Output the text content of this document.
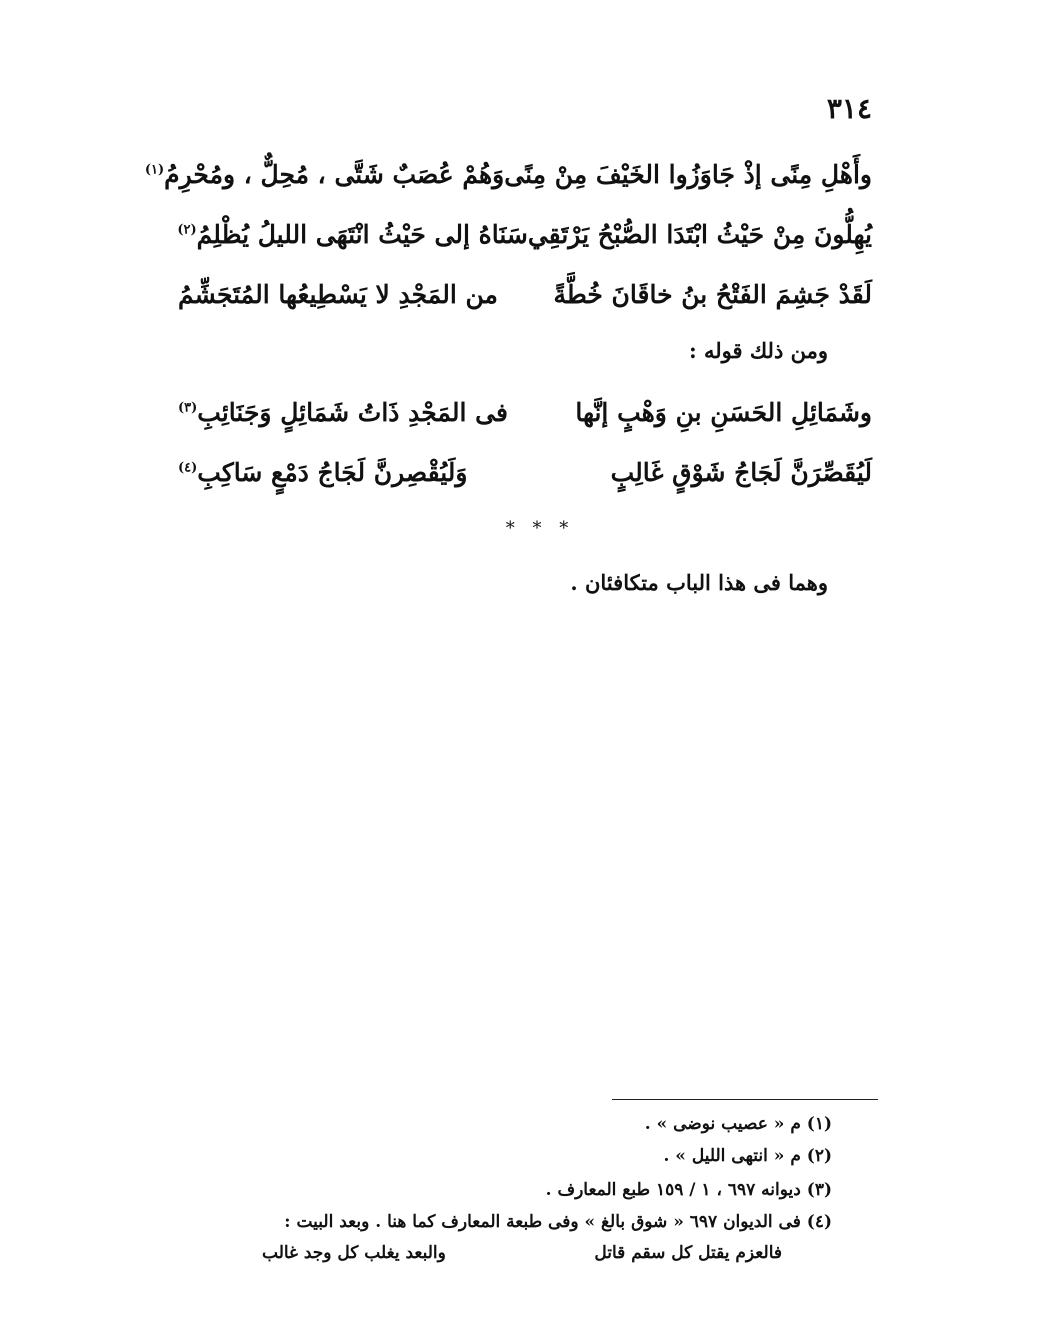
٣١٤
وأَهْلِ مِنًى إذْ جَاوَزُوا الخَيْفَ مِنْ مِنًى
وَهُمْ عُصَبٌ شَتَّى ، مُحِلٌّ ، ومُحْرِمُ$^{(١)}$
يُهِلُّونَ مِنْ حَيْثُ ابْتَدَا الصُّبْحُ يَرْتَقِي
سَنَاهُ إلى حَيْثُ انْتَهَى الليلُ يُظْلِمُ$^{(٢)}$
لَقَدْ جَشِمَ الفَتْحُ بنُ خاقَانَ خُطَّةً
من المَجْدِ لا يَسْطِيعُها المُتَجَشِّمُ
ومن ذلك قوله :
وشَمَائِلِ الحَسَنِ بنِ وَهْبٍ إنَّها
فى المَجْدِ ذَاتُ شَمَائِلٍ وَجَنَائِبِ$^{(٣)}$
لَيُقَصِّرَنَّ لَجَاجُ شَوْقٍ غَالِبٍ
وَلَيُقْصِرنَّ لَجَاجُ دَمْعٍ سَاكِبِ$^{(٤)}$
* * *
وهما فى هذا الباب متكافئان .
(١) م « عصيب نوضى » .
(٢) م « انتهى الليل » .
(٣) ديوانه ٦٩٧ ، ١ / ١٥٩ طبع المعارف .
(٤) فى الديوان ٦٩٧ « شوق بالغ » وفى طبعة المعارف كما هنا . وبعد البيت :
فالعزم يقتل كل سقم قاتل
والبعد يغلب كل وجد غالب
